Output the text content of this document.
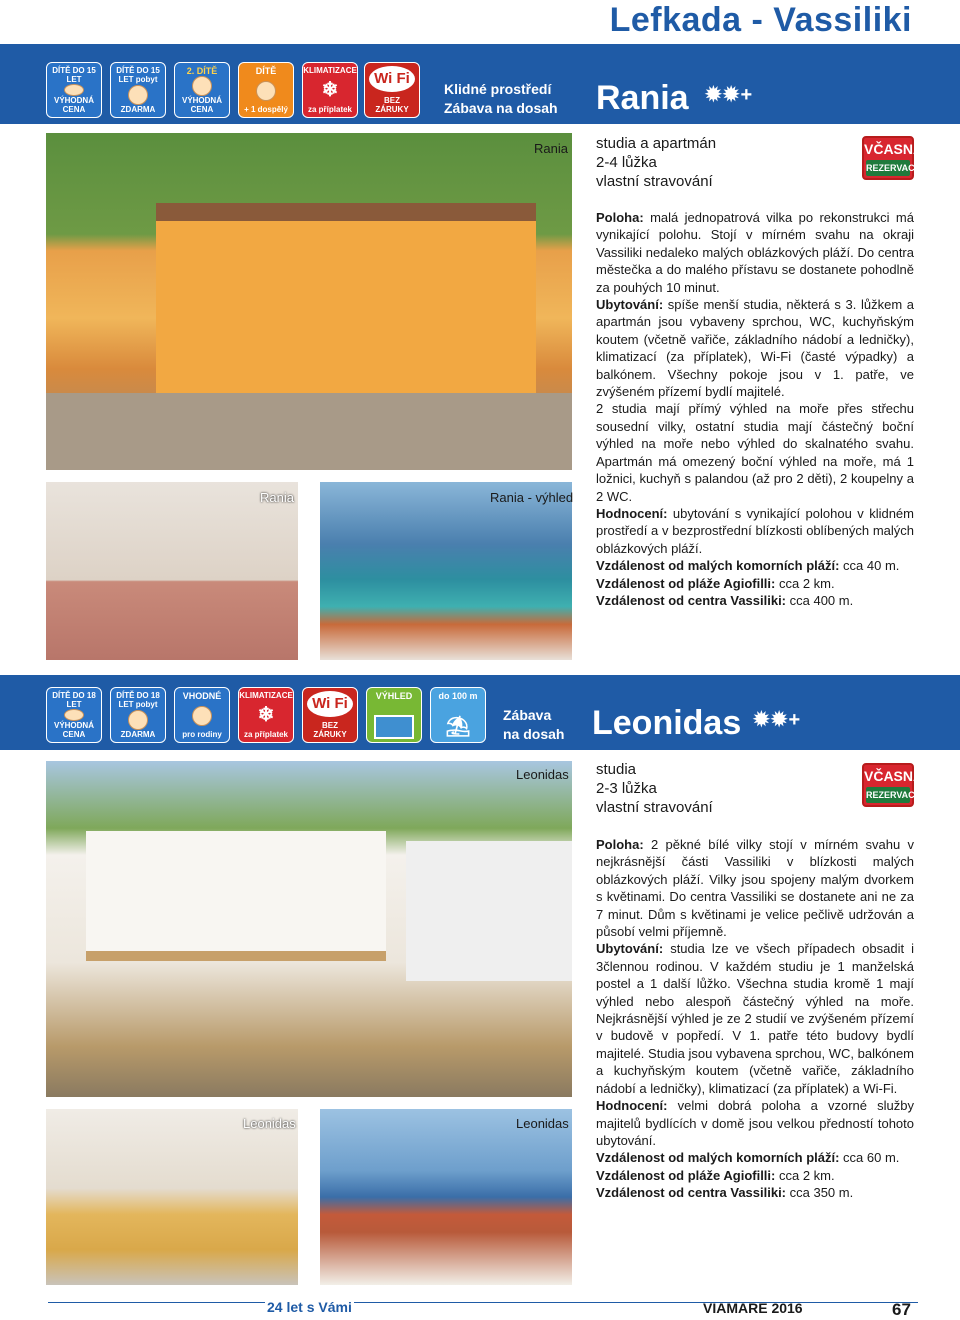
Lefkada - Vassiliki
DÍTĚ DO 15 LET
VÝHODNÁ CENA
DÍTĚ DO 15 LET pobyt
ZDARMA
2. DÍTĚ
VÝHODNÁ CENA
DÍTĚ
+ 1 dospělý
KLIMATIZACE
❄
za příplatek
Wi Fi
BEZ ZÁRUKY
Klidné prostředí
Zábava na dosah Rania ✹✹+
Rania
Rania	Rania - výhled
studia a apartmán
2-4 lůžka
vlastní stravování
VČASNÁ
REZERVACE

Poloha: malá jednopatrová vilka po rekonstrukci má vynikající polohu. Stojí v mírném svahu na okraji Vassiliki nedaleko malých oblázkových pláží. Do centra městečka a do malého přístavu se dostanete pohodlně za pouhých 10 minut.

Ubytování: spíše menší studia, některá s 3. lůžkem a apartmán jsou vybaveny sprchou, WC, kuchyňským koutem (včetně vařiče, základního nádobí a ledničky), klimatizací (za příplatek), Wi-Fi (časté výpadky) a balkónem. Všechny pokoje jsou v 1. patře, ve zvýšeném přízemí bydlí majitelé.

2 studia mají přímý výhled na moře přes střechu sousední vilky, ostatní studia mají částečný boční výhled na moře nebo výhled do skalnatého svahu. Apartmán má omezený boční výhled na moře, má 1 ložnici, kuchyň s palandou (až pro 2 děti), 2 koupelny a 2 WC.

Hodnocení: ubytování s vynikající polohou v klidném prostředí a v bezprostřední blízkosti oblíbených malých oblázkových pláží.

Vzdálenost od malých komorních pláží: cca 40 m.

Vzdálenost od pláže Agiofilli: cca 2 km.

Vzdálenost od centra Vassiliki: cca 400 m.

DÍTĚ DO 18 LET
VÝHODNÁ CENA
DÍTĚ DO 18 LET pobyt
ZDARMA
VHODNÉ
pro rodiny
KLIMATIZACE
❄
za příplatek
Wi Fi
BEZ ZÁRUKY
VÝHLED	do 100 m
⛱
Zábava
na dosah Leonidas ✹✹+
Leonidas
Leonidas	Leonidas
studia
2-3 lůžka
vlastní stravování
VČASNÁ
REZERVACE

Poloha: 2 pěkné bílé vilky stojí v mírném svahu v nejkrásnější části Vassiliki v blízkosti malých oblázkových pláží. Vilky jsou spojeny malým dvorkem s květinami. Do centra Vassiliki se dostanete ani ne za 7 minut. Dům s květinami je velice pečlivě udržován a působí velmi příjemně.

Ubytování: studia lze ve všech případech obsadit i 3člennou rodinou. V každém studiu je 1 manželská postel a 1 další lůžko. Všechna studia kromě 1 mají výhled nebo alespoň částečný výhled na moře. Nejkrásnější výhled je ze 2 studií ve zvýšeném přízemí v budově v popředí. V 1. patře této budovy bydlí majitelé. Studia jsou vybavena sprchou, WC, balkónem a kuchyňským koutem (včetně vařiče, základního nádobí a ledničky), klimatizací (za příplatek) a Wi-Fi.

Hodnocení: velmi dobrá poloha a vzorné služby majitelů bydlících v domě jsou velkou předností tohoto ubytování.

Vzdálenost od malých komorních pláží: cca 60 m.

Vzdálenost od pláže Agiofilli: cca 2 km.

Vzdálenost od centra Vassiliki: cca 350 m.

24 let s Vámi	VIAMARE 2016	67
